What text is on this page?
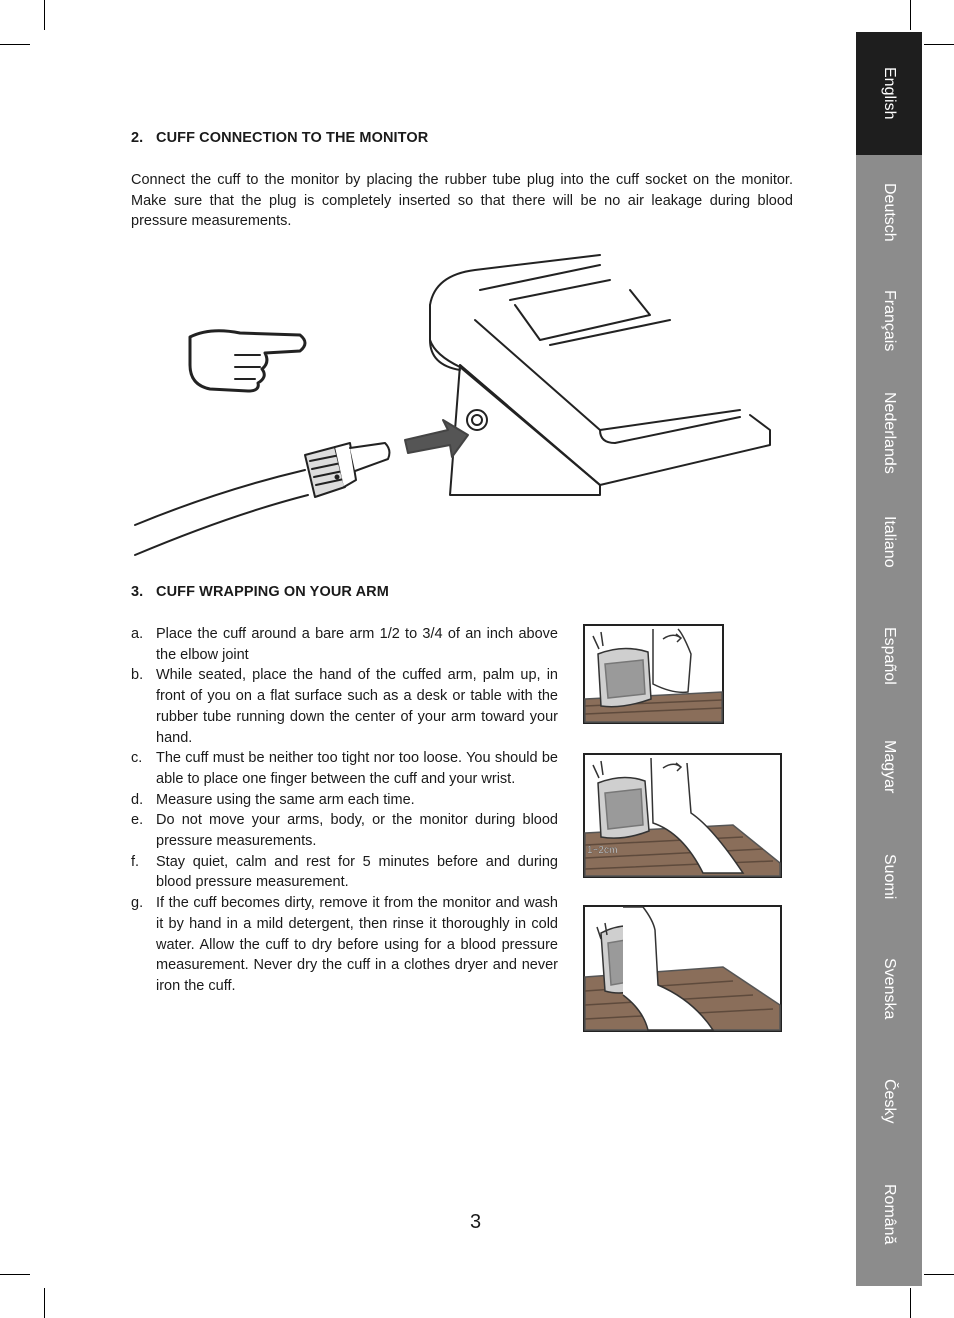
2. CUFF CONNECTION TO THE MONITOR

Connect the cuff to the monitor by placing the rubber tube plug into the cuff socket on the monitor. Make sure that the plug is completely inserted so that there will be no air leakage during blood pressure measurements.

3. CUFF WRAPPING ON YOUR ARM
a. Place the cuff around a bare arm 1/2 to 3/4 of an inch above the elbow joint
b. While seated, place the hand of the cuffed arm, palm up, in front of you on a flat surface such as a desk or table with the rubber tube running down the center of your arm toward your hand.
c. The cuff must be neither too tight nor too loose. You should be able to place one finger between the cuff and your wrist.
d. Measure using the same arm each time.
e. Do not move your arms, body, or the monitor during blood pressure measurements.
f. Stay quiet, calm and rest for 5 minutes before and during blood pressure measurement.
g. If the cuff becomes dirty, remove it from the monitor and wash it by hand in a mild detergent, then rinse it thoroughly in cold water. Allow the cuff to dry before using for a blood pressure measurement. Never dry the cuff in a clothes dryer and never iron the cuff.
1~2cm
English
Deutsch
Français
Nederlands
Italiano
Español
Magyar
Suomi
Svenska
Česky
Română
3
